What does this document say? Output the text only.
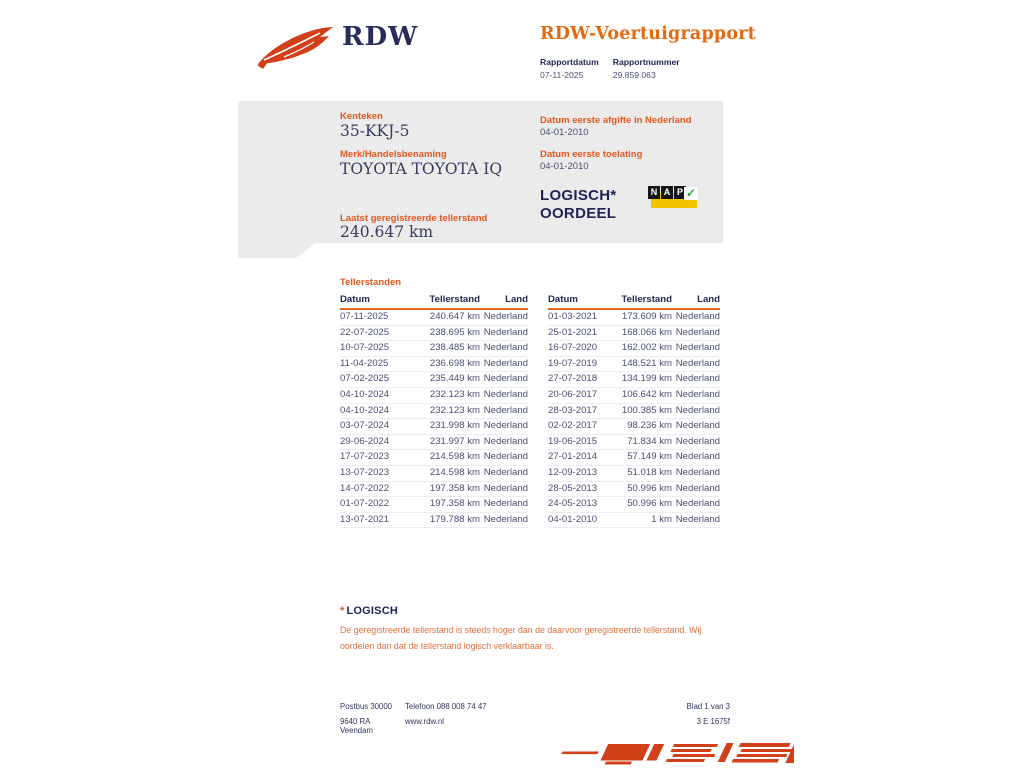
RDW	RDW-Voertuigrapport
Rapportdatum
07-11-2025
Rapportnummer
29.859.063
Kenteken
35-KKJ-5
Merk/Handelsbenaming
TOYOTA TOYOTA IQ
Laatst geregistreerde tellerstand
240.647 km
Datum eerste afgifte in Nederland
04-01-2010
Datum eerste toelating
04-01-2010
LOGISCH*
OORDEEL
N A P ✓
Tellerstanden
Datum	Tellerstand	Land
07-11-2025	240.647 km	Nederland
22-07-2025	238.695 km	Nederland
10-07-2025	238.485 km	Nederland
11-04-2025	236.698 km	Nederland
07-02-2025	235.449 km	Nederland
04-10-2024	232.123 km	Nederland
04-10-2024	232.123 km	Nederland
03-07-2024	231.998 km	Nederland
29-06-2024	231.997 km	Nederland
17-07-2023	214.598 km	Nederland
13-07-2023	214.598 km	Nederland
14-07-2022	197.358 km	Nederland
01-07-2022	197.358 km	Nederland
13-07-2021	179.788 km	Nederland
Datum	Tellerstand	Land
01-03-2021	173.609 km	Nederland
25-01-2021	168.066 km	Nederland
16-07-2020	162.002 km	Nederland
19-07-2019	148.521 km	Nederland
27-07-2018	134.199 km	Nederland
20-06-2017	106.642 km	Nederland
28-03-2017	100.385 km	Nederland
02-02-2017	98.236 km	Nederland
19-06-2015	71.834 km	Nederland
27-01-2014	57.149 km	Nederland
12-09-2013	51.018 km	Nederland
28-05-2013	50.996 km	Nederland
24-05-2013	50.996 km	Nederland
04-01-2010	1 km	Nederland
* LOGISCH
De geregistreerde tellerstand is steeds hoger dan de daarvoor geregistreerde tellerstand. Wij oordelen dan dat de tellerstand logisch verklaarbaar is.
Postbus 30000	Telefoon 088 008 74 47	Blad 1 van 3
9640 RA Veendam
www.rdw.nl	3 E 1675f
